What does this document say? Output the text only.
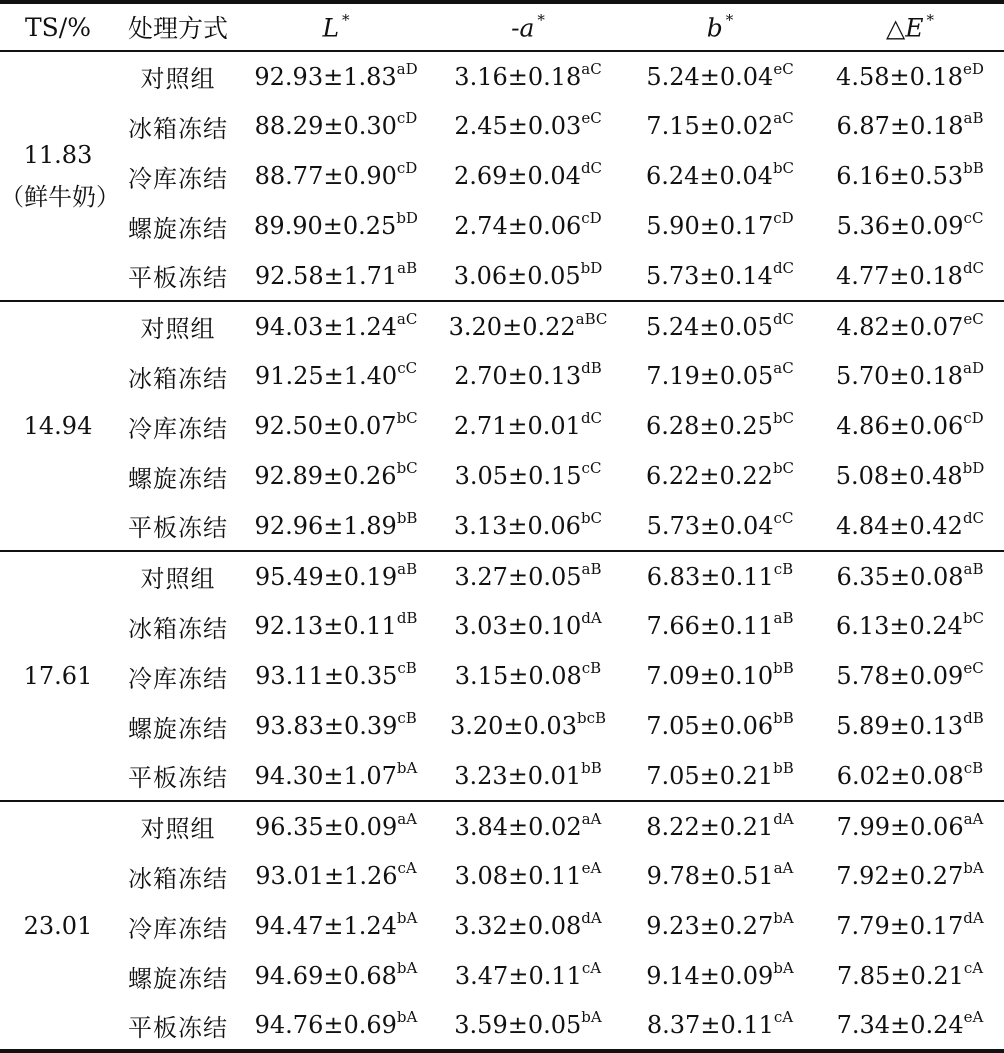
TS/%	处理方式	L *	-a *	b *	△E *

11.83
（鲜牛奶）	对照组	$92.93\pm 1.83^{aD}$	$3.16\pm 0.18^{aC}$	$5.24\pm 0.04^{eC}$	$4.58\pm 0.18^{eD}$
	冰箱冻结	$88.29\pm 0.30^{cD}$	$2.45\pm 0.03^{eC}$	$7.15\pm 0.02^{aC}$	$6.87\pm 0.18^{aB}$
	冷库冻结	$88.77\pm 0.90^{cD}$	$2.69\pm 0.04^{dC}$	$6.24\pm 0.04^{bC}$	$6.16\pm 0.53^{bB}$
	螺旋冻结	$89.90\pm 0.25^{bD}$	$2.74\pm 0.06^{cD}$	$5.90\pm 0.17^{cD}$	$5.36\pm 0.09^{cC}$
	平板冻结	$92.58\pm 1.71^{aB}$	$3.06\pm 0.05^{bD}$	$5.73\pm 0.14^{dC}$	$4.77\pm 0.18^{dC}$

14.94	对照组	$94.03\pm 1.24^{aC}$	$3.20\pm 0.22^{aBC}$	$5.24\pm 0.05^{dC}$	$4.82\pm 0.07^{eC}$
	冰箱冻结	$91.25\pm 1.40^{cC}$	$2.70\pm 0.13^{dB}$	$7.19\pm 0.05^{aC}$	$5.70\pm 0.18^{aD}$
	冷库冻结	$92.50\pm 0.07^{bC}$	$2.71\pm 0.01^{dC}$	$6.28\pm 0.25^{bC}$	$4.86\pm 0.06^{cD}$
	螺旋冻结	$92.89\pm 0.26^{bC}$	$3.05\pm 0.15^{cC}$	$6.22\pm 0.22^{bC}$	$5.08\pm 0.48^{bD}$
	平板冻结	$92.96\pm 1.89^{bB}$	$3.13\pm 0.06^{bC}$	$5.73\pm 0.04^{cC}$	$4.84\pm 0.42^{dC}$

17.61	对照组	$95.49\pm 0.19^{aB}$	$3.27\pm 0.05^{aB}$	$6.83\pm 0.11^{cB}$	$6.35\pm 0.08^{aB}$
	冰箱冻结	$92.13\pm 0.11^{dB}$	$3.03\pm 0.10^{dA}$	$7.66\pm 0.11^{aB}$	$6.13\pm 0.24^{bC}$
	冷库冻结	$93.11\pm 0.35^{cB}$	$3.15\pm 0.08^{cB}$	$7.09\pm 0.10^{bB}$	$5.78\pm 0.09^{eC}$
	螺旋冻结	$93.83\pm 0.39^{cB}$	$3.20\pm 0.03^{bcB}$	$7.05\pm 0.06^{bB}$	$5.89\pm 0.13^{dB}$
	平板冻结	$94.30\pm 1.07^{bA}$	$3.23\pm 0.01^{bB}$	$7.05\pm 0.21^{bB}$	$6.02\pm 0.08^{cB}$

23.01	对照组	$96.35\pm 0.09^{aA}$	$3.84\pm 0.02^{aA}$	$8.22\pm 0.21^{dA}$	$7.99\pm 0.06^{aA}$
	冰箱冻结	$93.01\pm 1.26^{cA}$	$3.08\pm 0.11^{eA}$	$9.78\pm 0.51^{aA}$	$7.92\pm 0.27^{bA}$
	冷库冻结	$94.47\pm 1.24^{bA}$	$3.32\pm 0.08^{dA}$	$9.23\pm 0.27^{bA}$	$7.79\pm 0.17^{dA}$
	螺旋冻结	$94.69\pm 0.68^{bA}$	$3.47\pm 0.11^{cA}$	$9.14\pm 0.09^{bA}$	$7.85\pm 0.21^{cA}$
	平板冻结	$94.76\pm 0.69^{bA}$	$3.59\pm 0.05^{bA}$	$8.37\pm 0.11^{cA}$	$7.34\pm 0.24^{eA}$
